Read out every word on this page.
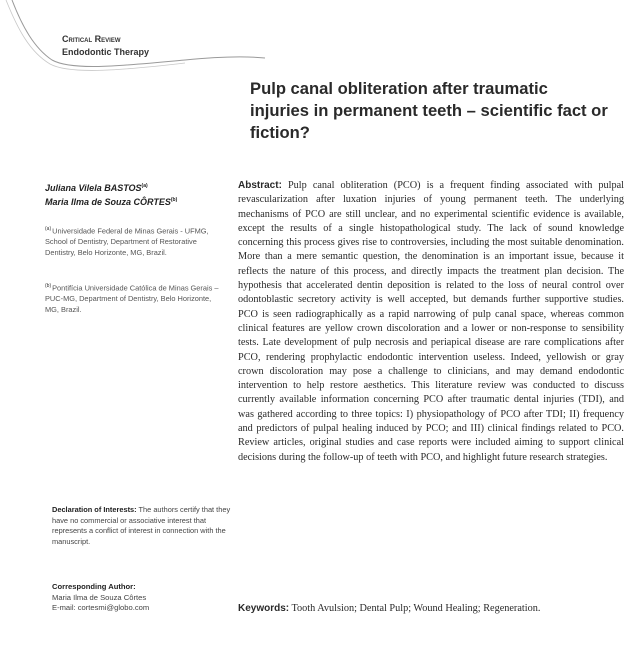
Critical Review
Endodontic Therapy
Pulp canal obliteration after traumatic injuries in permanent teeth – scientific fact or fiction?
Juliana Vilela BASTOS$^{(a)}$
Maria Ilma de Souza CÔRTES$^{(b)}$
$^{(a)}$Universidade Federal de Minas Gerais - UFMG, School of Dentistry, Department of Restorative Dentistry, Belo Horizonte, MG, Brazil.
$^{(b)}$Pontifícia Universidade Católica de Minas Gerais – PUC-MG, Department of Dentistry, Belo Horizonte, MG, Brazil.
Declaration of Interests: The authors certify that they have no commercial or associative interest that represents a conflict of interest in connection with the manuscript.
Corresponding Author:
Maria Ilma de Souza Côrtes
E-mail: cortesmi@globo.com

Abstract: Pulp canal obliteration (PCO) is a frequent finding associated with pulpal revascularization after luxation injuries of young permanent teeth. The underlying mechanisms of PCO are still unclear, and no experimental scientific evidence is available, except the results of a single histopathological study. The lack of sound knowledge concerning this process gives rise to controversies, including the most suitable denomination. More than a mere semantic question, the denomination is an important issue, because it reflects the nature of this process, and directly impacts the treatment plan decision. The hypothesis that accelerated dentin deposition is related to the loss of neural control over odontoblastic secretory activity is well accepted, but demands further supportive studies. PCO is seen radiographically as a rapid narrowing of pulp canal space, whereas common clinical features are yellow crown discoloration and a lower or non-response to sensibility tests. Late development of pulp necrosis and periapical disease are rare complications after PCO, rendering prophylactic endodontic intervention useless. Indeed, yellowish or gray crown discoloration may pose a challenge to clinicians, and may demand endodontic intervention to help restore aesthetics. This literature review was conducted to discuss currently available information concerning PCO after traumatic dental injuries (TDI), and was gathered according to three topics: I) physiopathology of PCO after TDI; II) frequency and predictors of pulpal healing induced by PCO; and III) clinical findings related to PCO. Review articles, original studies and case reports were included aiming to support clinical decisions during the follow-up of teeth with PCO, and highlight future research strategies.

Keywords: Tooth Avulsion; Dental Pulp; Wound Healing; Regeneration.
